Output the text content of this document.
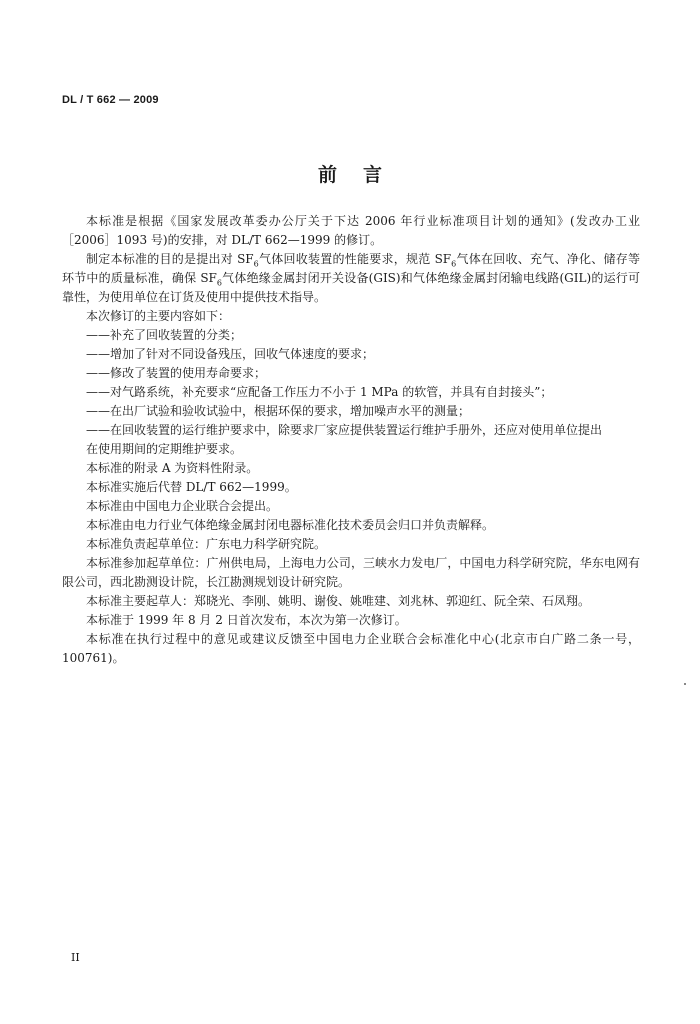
DL / T 662 — 2009
前言

本标准是根据《国家发展改革委办公厅关于下达 2006 年行业标准项目计划的通知》(发改办工业［2006］1093 号)的安排，对 DL/T 662—1999 的修订。

制定本标准的目的是提出对 $SF_6$气体回收装置的性能要求，规范 $SF_6$气体在回收、充气、净化、储存等环节中的质量标准，确保 $SF_6$气体绝缘金属封闭开关设备(GIS)和气体绝缘金属封闭输电线路(GIL)的运行可靠性，为使用单位在订货及使用中提供技术指导。

本次修订的主要内容如下：

——补充了回收装置的分类；

——增加了针对不同设备残压，回收气体速度的要求；

——修改了装置的使用寿命要求；

——对气路系统，补充要求“应配备工作压力不小于 1 MPa 的软管，并具有自封接头”；

——在出厂试验和验收试验中，根据环保的要求，增加噪声水平的测量；

——在回收装置的运行维护要求中，除要求厂家应提供装置运行维护手册外，还应对使用单位提出
在使用期间的定期维护要求。

本标准的附录 A 为资料性附录。

本标准实施后代替 DL/T 662—1999。

本标准由中国电力企业联合会提出。

本标准由电力行业气体绝缘金属封闭电器标准化技术委员会归口并负责解释。

本标准负责起草单位：广东电力科学研究院。

本标准参加起草单位：广州供电局，上海电力公司，三峡水力发电厂，中国电力科学研究院，华东电网有限公司，西北勘测设计院，长江勘测规划设计研究院。

本标准主要起草人：郑晓光、李刚、姚明、谢俊、姚唯建、刘兆林、郭迎红、阮全荣、石凤翔。

本标准于 1999 年 8 月 2 日首次发布，本次为第一次修订。

本标准在执行过程中的意见或建议反馈至中国电力企业联合会标准化中心(北京市白广路二条一号，100761)。

II
